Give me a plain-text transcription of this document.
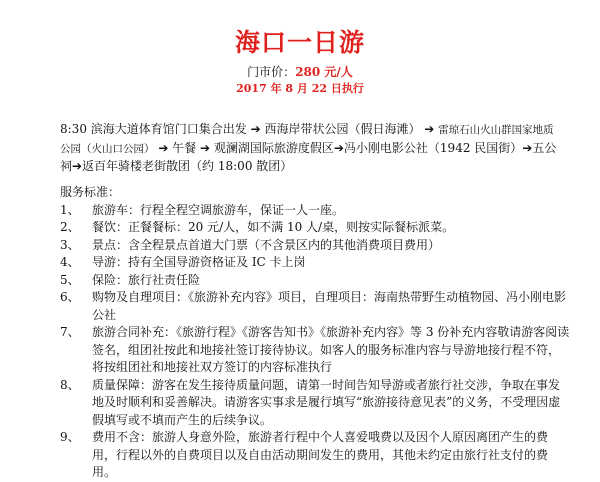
海口一日游
门市价：280 元/人
2017 年 8 月 22 日执行
8:30 滨海大道体育馆门口集合出发 ➔ 西海岸带状公园（假日海滩） ➔ 雷琼石山火山群国家地质公园（火山口公园） ➔ 午餐 ➔ 观澜湖国际旅游度假区➔冯小刚电影公社（1942 民国街）➔五公祠➔返百年骑楼老街散团（约 18:00 散团）
服务标准：
1、	旅游车：行程全程空调旅游车，保证一人一座。
2、	餐饮：正餐餐标：20 元/人，如不满 10 人/桌，则按实际餐标派菜。
3、	景点：含全程景点首道大门票（不含景区内的其他消费项目费用）
4、	导游：持有全国导游资格证及 IC 卡上岗
5、	保险：旅行社责任险
6、	购物及自理项目：《旅游补充内容》项目，自理项目：海南热带野生动植物园、冯小刚电影公社
7、	旅游合同补充：《旅游行程》《游客告知书》《旅游补充内容》等 3 份补充内容敬请游客阅读签名，组团社按此和地接社签订接待协议。如客人的服务标准内容与导游地接行程不符，将按组团社和地接社双方签订的内容标准执行
8、	质量保障：游客在发生接待质量问题，请第一时间告知导游或者旅行社交涉，争取在事发地及时顺利和妥善解决。请游客实事求是履行填写“旅游接待意见表”的义务，不受理因虚假填写或不填而产生的后续争议。
9、	费用不含：旅游人身意外险，旅游者行程中个人喜爱哦费以及因个人原因离团产生的费用，行程以外的自费项目以及自由活动期间发生的费用，其他未约定由旅行社支付的费用。
